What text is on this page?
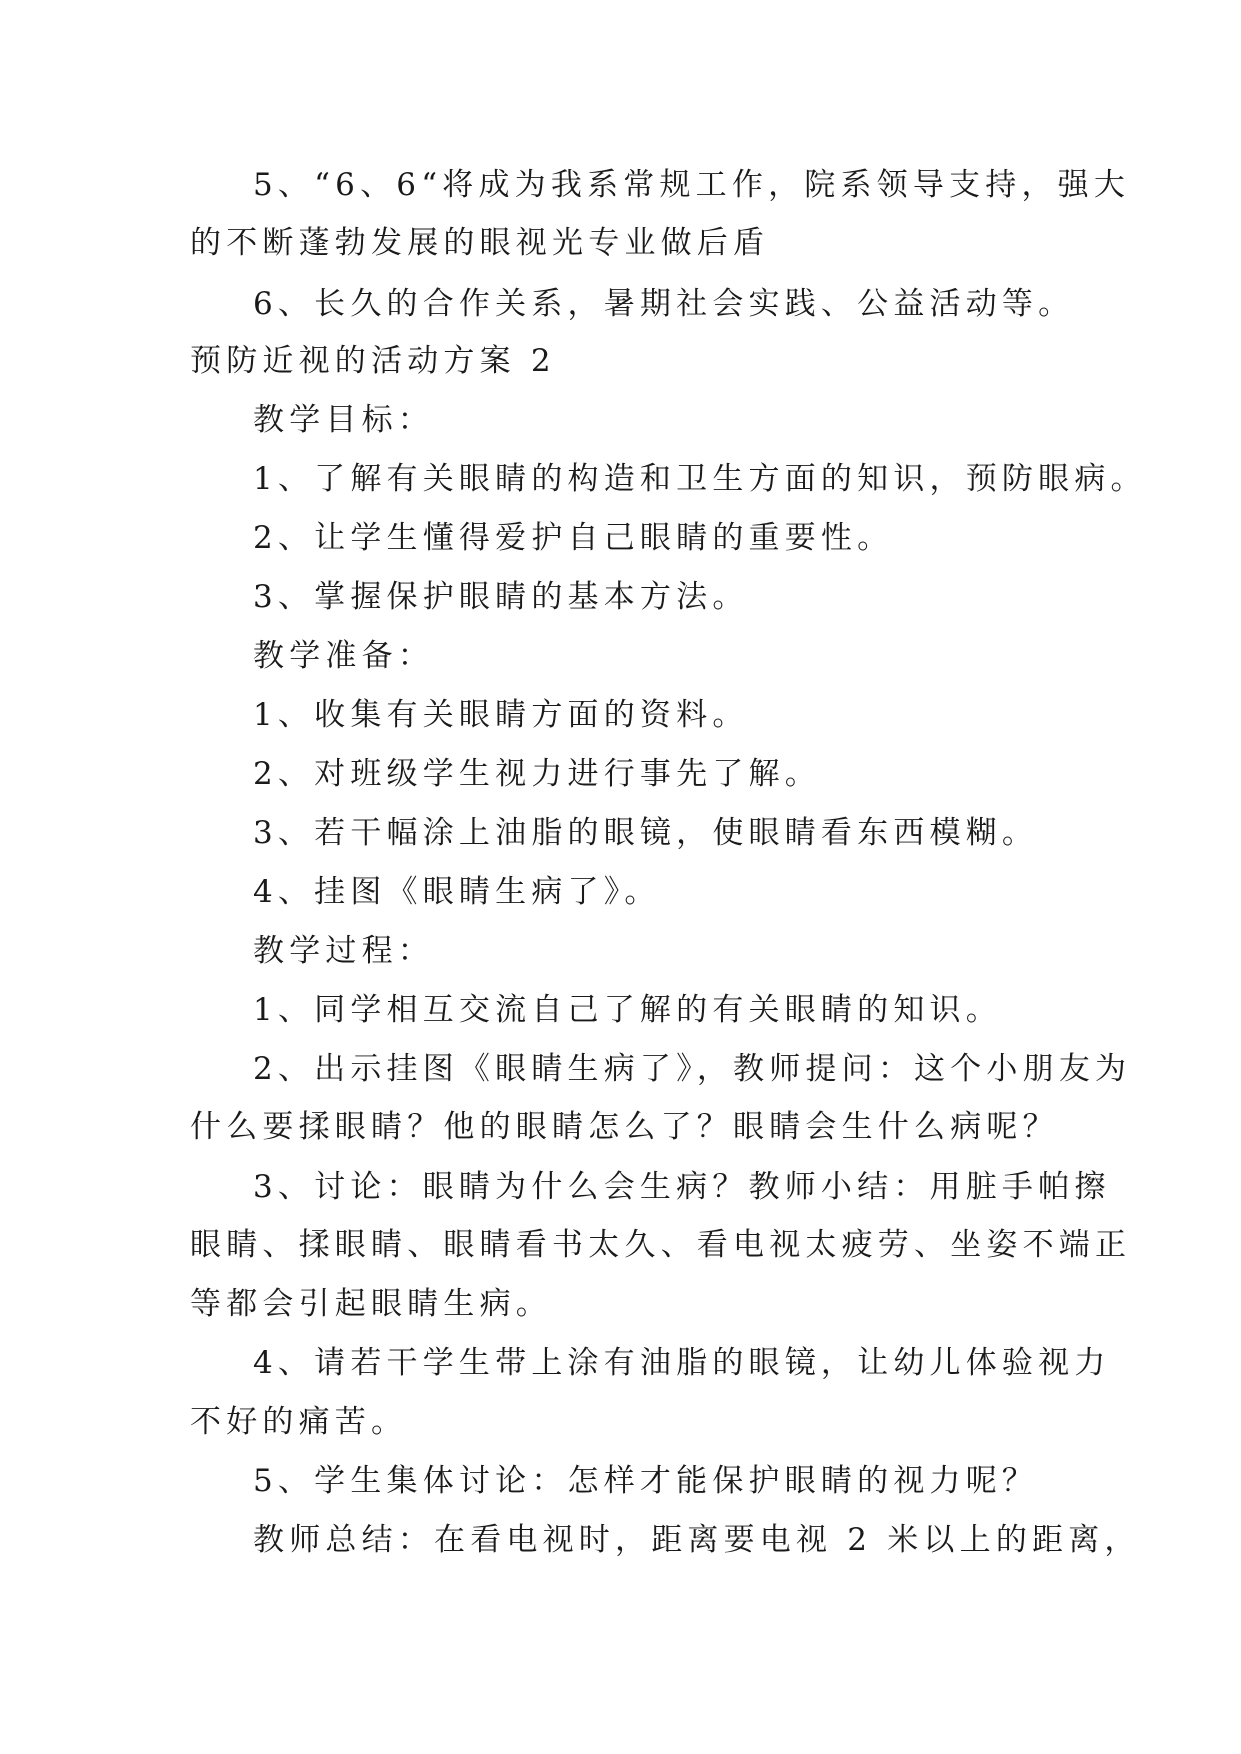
5、“6、6“将成为我系常规工作，院系领导支持，强大
的不断蓬勃发展的眼视光专业做后盾
6、长久的合作关系，暑期社会实践、公益活动等。
预防近视的活动方案 2
教学目标：
1、了解有关眼睛的构造和卫生方面的知识，预防眼病。
2、让学生懂得爱护自己眼睛的重要性。
3、掌握保护眼睛的基本方法。
教学准备：
1、收集有关眼睛方面的资料。
2、对班级学生视力进行事先了解。
3、若干幅涂上油脂的眼镜，使眼睛看东西模糊。
4、挂图《眼睛生病了》。
教学过程：
1、同学相互交流自己了解的有关眼睛的知识。
2、出示挂图《眼睛生病了》，教师提问：这个小朋友为
什么要揉眼睛？他的眼睛怎么了？眼睛会生什么病呢？
3、讨论：眼睛为什么会生病？教师小结：用脏手帕擦
眼睛、揉眼睛、眼睛看书太久、看电视太疲劳、坐姿不端正
等都会引起眼睛生病。
4、请若干学生带上涂有油脂的眼镜，让幼儿体验视力
不好的痛苦。
5、学生集体讨论：怎样才能保护眼睛的视力呢？
教师总结：在看电视时，距离要电视 2 米以上的距离，
